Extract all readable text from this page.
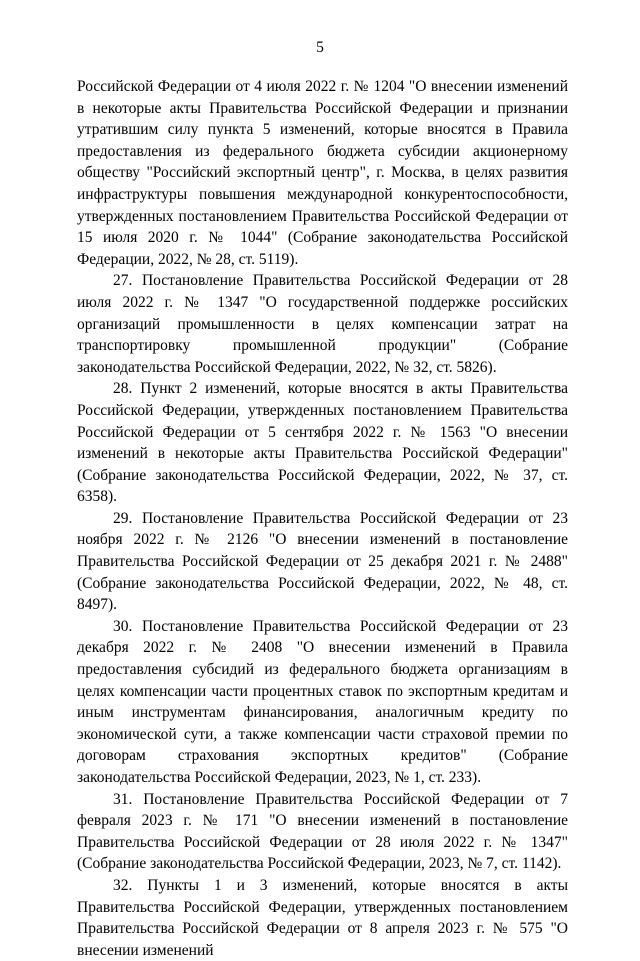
5

Российской Федерации от 4 июля 2022 г. № 1204 "О внесении изменений в некоторые акты Правительства Российской Федерации и признании утратившим силу пункта 5 изменений, которые вносятся в Правила предоставления из федерального бюджета субсидии акционерному обществу "Российский экспортный центр", г. Москва, в целях развития инфраструктуры повышения международной конкурентоспособности, утвержденных постановлением Правительства Российской Федерации от 15 июля 2020 г. № 1044" (Собрание законодательства Российской Федерации, 2022, № 28, ст. 5119).

27. Постановление Правительства Российской Федерации от 28 июля 2022 г. № 1347 "О государственной поддержке российских организаций промышленности в целях компенсации затрат на транспортировку промышленной продукции" (Собрание законодательства Российской Федерации, 2022, № 32, ст. 5826).

28. Пункт 2 изменений, которые вносятся в акты Правительства Российской Федерации, утвержденных постановлением Правительства Российской Федерации от 5 сентября 2022 г. № 1563 "О внесении изменений в некоторые акты Правительства Российской Федерации" (Собрание законодательства Российской Федерации, 2022, № 37, ст. 6358).

29. Постановление Правительства Российской Федерации от 23 ноября 2022 г. № 2126 "О внесении изменений в постановление Правительства Российской Федерации от 25 декабря 2021 г. № 2488" (Собрание законодательства Российской Федерации, 2022, № 48, ст. 8497).

30. Постановление Правительства Российской Федерации от 23 декабря 2022 г. № 2408 "О внесении изменений в Правила предоставления субсидий из федерального бюджета организациям в целях компенсации части процентных ставок по экспортным кредитам и иным инструментам финансирования, аналогичным кредиту по экономической сути, а также компенсации части страховой премии по договорам страхования экспортных кредитов" (Собрание законодательства Российской Федерации, 2023, № 1, ст. 233).

31. Постановление Правительства Российской Федерации от 7 февраля 2023 г. № 171 "О внесении изменений в постановление Правительства Российской Федерации от 28 июля 2022 г. № 1347" (Собрание законодательства Российской Федерации, 2023, № 7, ст. 1142).

32. Пункты 1 и 3 изменений, которые вносятся в акты Правительства Российской Федерации, утвержденных постановлением Правительства Российской Федерации от 8 апреля 2023 г. № 575 "О внесении изменений
